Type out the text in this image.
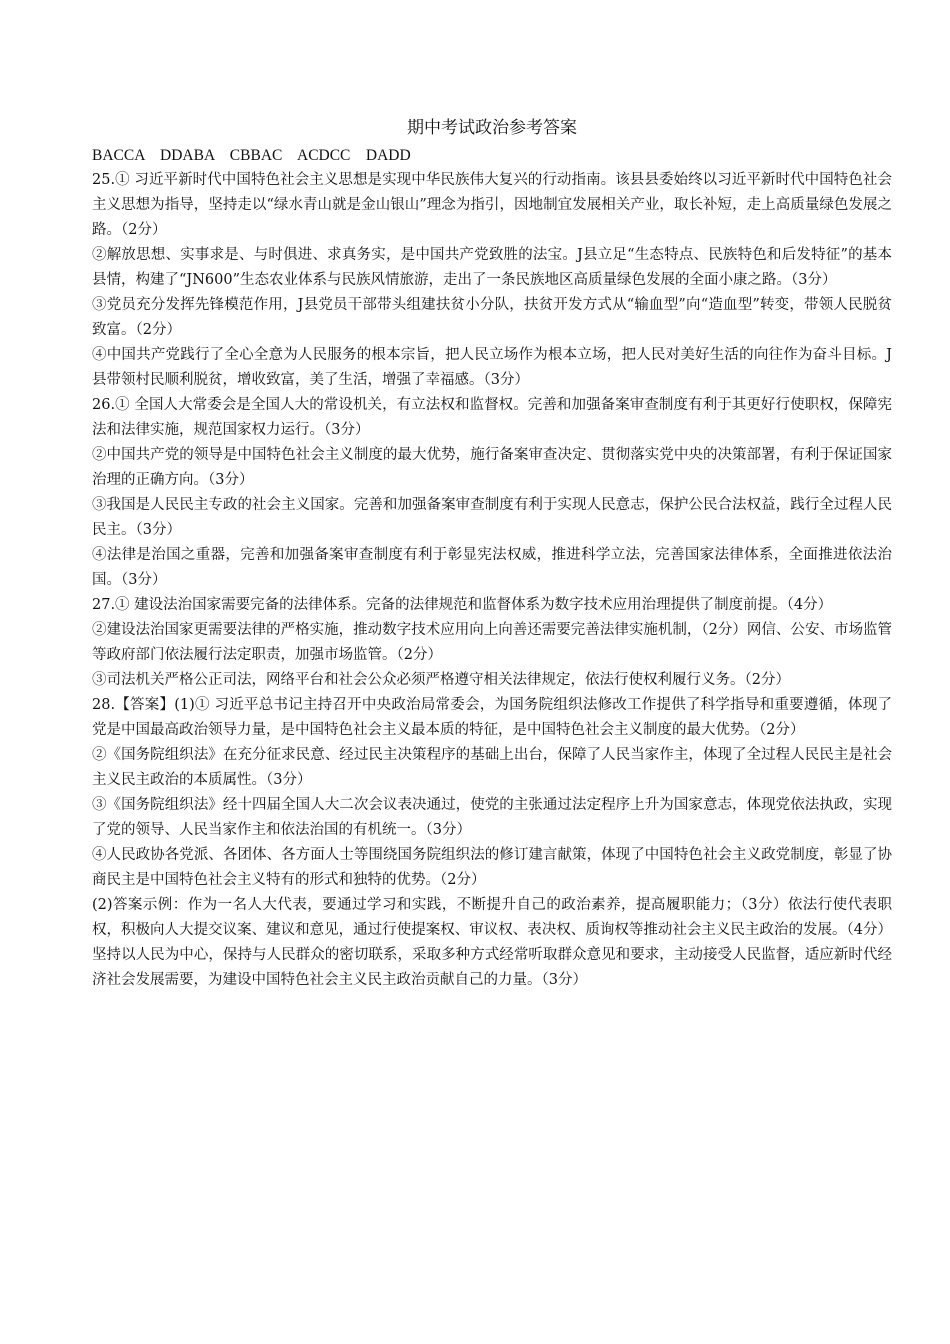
期中考试政治参考答案

BACCA    DDABA    CBBAC    ACDCC    DADD

25.① 习近平新时代中国特色社会主义思想是实现中华民族伟大复兴的行动指南。该县县委始终以习近平新时代中国特色社会主义思想为指导，坚持走以“绿水青山就是金山银山”理念为指引，因地制宜发展相关产业，取长补短，走上高质量绿色发展之路。（2分）

②解放思想、实事求是、与时俱进、求真务实，是中国共产党致胜的法宝。J县立足“生态特点、民族特色和后发特征”的基本县情，构建了“JN600”生态农业体系与民族风情旅游，走出了一条民族地区高质量绿色发展的全面小康之路。（3分）

③党员充分发挥先锋模范作用，J县党员干部带头组建扶贫小分队，扶贫开发方式从“输血型”向“造血型”转变，带领人民脱贫致富。（2分）

④中国共产党践行了全心全意为人民服务的根本宗旨，把人民立场作为根本立场，把人民对美好生活的向往作为奋斗目标。J县带领村民顺利脱贫，增收致富，美了生活，增强了幸福感。（3分）

26.① 全国人大常委会是全国人大的常设机关，有立法权和监督权。完善和加强备案审查制度有利于其更好行使职权，保障宪法和法律实施，规范国家权力运行。（3分）

②中国共产党的领导是中国特色社会主义制度的最大优势，施行备案审查决定、贯彻落实党中央的决策部署，有利于保证国家治理的正确方向。（3分）

③我国是人民民主专政的社会主义国家。完善和加强备案审查制度有利于实现人民意志，保护公民合法权益，践行全过程人民民主。（3分）

④法律是治国之重器，完善和加强备案审查制度有利于彰显宪法权威，推进科学立法，完善国家法律体系，全面推进依法治国。（3分）

27.① 建设法治国家需要完备的法律体系。完备的法律规范和监督体系为数字技术应用治理提供了制度前提。（4分）

②建设法治国家更需要法律的严格实施，推动数字技术应用向上向善还需要完善法律实施机制，（2分）网信、公安、市场监管等政府部门依法履行法定职责，加强市场监管。（2分）

③司法机关严格公正司法，网络平台和社会公众必须严格遵守相关法律规定，依法行使权利履行义务。（2分）

28.【答案】(1)① 习近平总书记主持召开中央政治局常委会，为国务院组织法修改工作提供了科学指导和重要遵循，体现了党是中国最高政治领导力量，是中国特色社会主义最本质的特征，是中国特色社会主义制度的最大优势。（2分）

②《国务院组织法》在充分征求民意、经过民主决策程序的基础上出台，保障了人民当家作主，体现了全过程人民民主是社会主义民主政治的本质属性。（3分）

③《国务院组织法》经十四届全国人大二次会议表决通过，使党的主张通过法定程序上升为国家意志，体现党依法执政，实现了党的领导、人民当家作主和依法治国的有机统一。（3分）

④人民政协各党派、各团体、各方面人士等围绕国务院组织法的修订建言献策，体现了中国特色社会主义政党制度，彰显了协商民主是中国特色社会主义特有的形式和独特的优势。（2分）

(2)答案示例：作为一名人大代表，要通过学习和实践，不断提升自己的政治素养，提高履职能力；（3分）依法行使代表职权，积极向人大提交议案、建议和意见，通过行使提案权、审议权、表决权、质询权等推动社会主义民主政治的发展。（4分）坚持以人民为中心，保持与人民群众的密切联系，采取多种方式经常听取群众意见和要求，主动接受人民监督，适应新时代经济社会发展需要，为建设中国特色社会主义民主政治贡献自己的力量。（3分）
